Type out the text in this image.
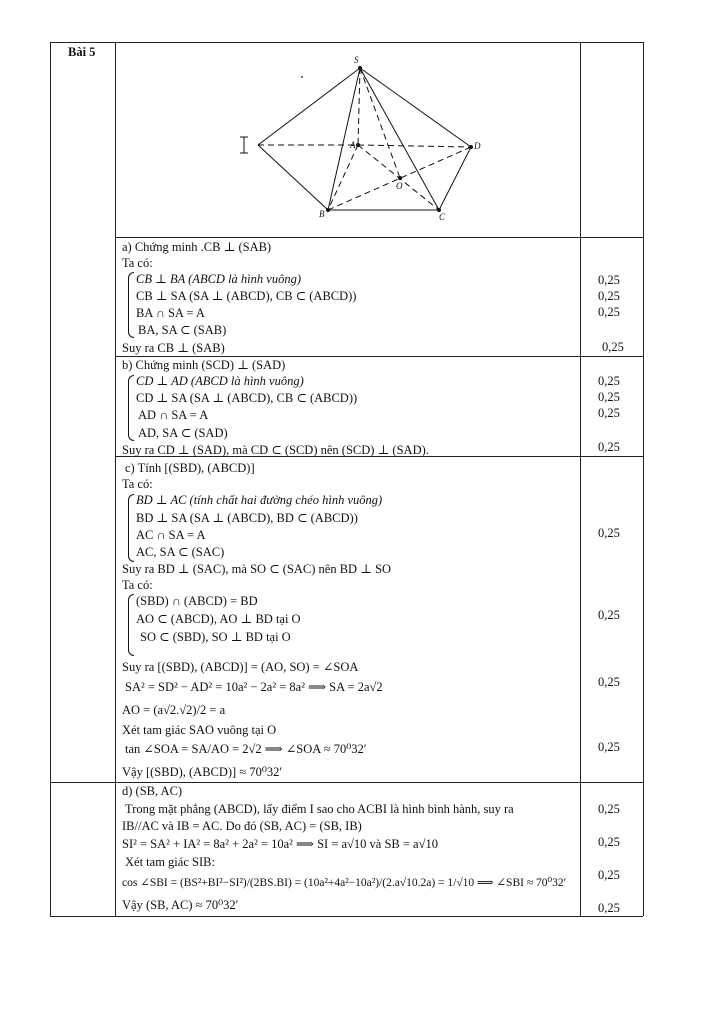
Bài 5
S
A
B	C
D
O
I
a) Chứng minh .CB ⊥ (SAB)
Ta có:
CB ⊥ BA (ABCD là hình vuông)
CB ⊥ SA (SA ⊥ (ABCD), CB ⊂ (ABCD))
BA ∩ SA = A
BA, SA ⊂ (SAB)
Suy ra CB ⊥ (SAB)
0,25
0,25
0,25
0,25
b) Chứng minh (SCD) ⊥ (SAD)
CD ⊥ AD (ABCD là hình vuông)
CD ⊥ SA (SA ⊥ (ABCD), CB ⊂ (ABCD))
AD ∩ SA = A
AD, SA ⊂ (SAD)
Suy ra CD ⊥ (SAD), mà CD ⊂ (SCD) nên (SCD) ⊥ (SAD).
0,25
0,25
0,25
0,25
c) Tính [(SBD), (ABCD)]
Ta có:
BD ⊥ AC (tính chất hai đường chéo hình vuông)
BD ⊥ SA (SA ⊥ (ABCD), BD ⊂ (ABCD))
AC ∩ SA = A
AC, SA ⊂ (SAC)
Suy ra BD ⊥ (SAC), mà SO ⊂ (SAC) nên BD ⊥ SO
Ta có:
(SBD) ∩ (ABCD) = BD
AO ⊂ (ABCD), AO ⊥ BD tại O
SO ⊂ (SBD), SO ⊥ BD tại O
Suy ra [(SBD), (ABCD)] = (AO, SO) = ∠SOA
SA² = SD² − AD² = 10a² − 2a² = 8a² ⟹ SA = 2a√2
AO = (a√2.√2)/2 = a
Xét tam giác SAO vuông tại O
tan ∠SOA = SA/AO = 2√2 ⟹ ∠SOA ≈ 70⁰32′
Vậy [(SBD), (ABCD)] ≈ 70⁰32′
0,25
0,25
0,25
0,25
d) (SB, AC)
Trong mặt phẳng (ABCD), lấy điểm I sao cho ACBI là hình bình hành, suy ra
IB//AC và IB = AC. Do đó (SB, AC) = (SB, IB)
SI² = SA² + IA² = 8a² + 2a² = 10a² ⟹ SI = a√10 và SB = a√10
Xét tam giác SIB:
cos ∠SBI = (BS²+BI²−SI²)/(2BS.BI) = (10a²+4a²−10a²)/(2.a√10.2a) = 1/√10 ⟹ ∠SBI ≈ 70⁰32′
Vậy (SB, AC) ≈ 70⁰32′
0,25
0,25
0,25
0,25
